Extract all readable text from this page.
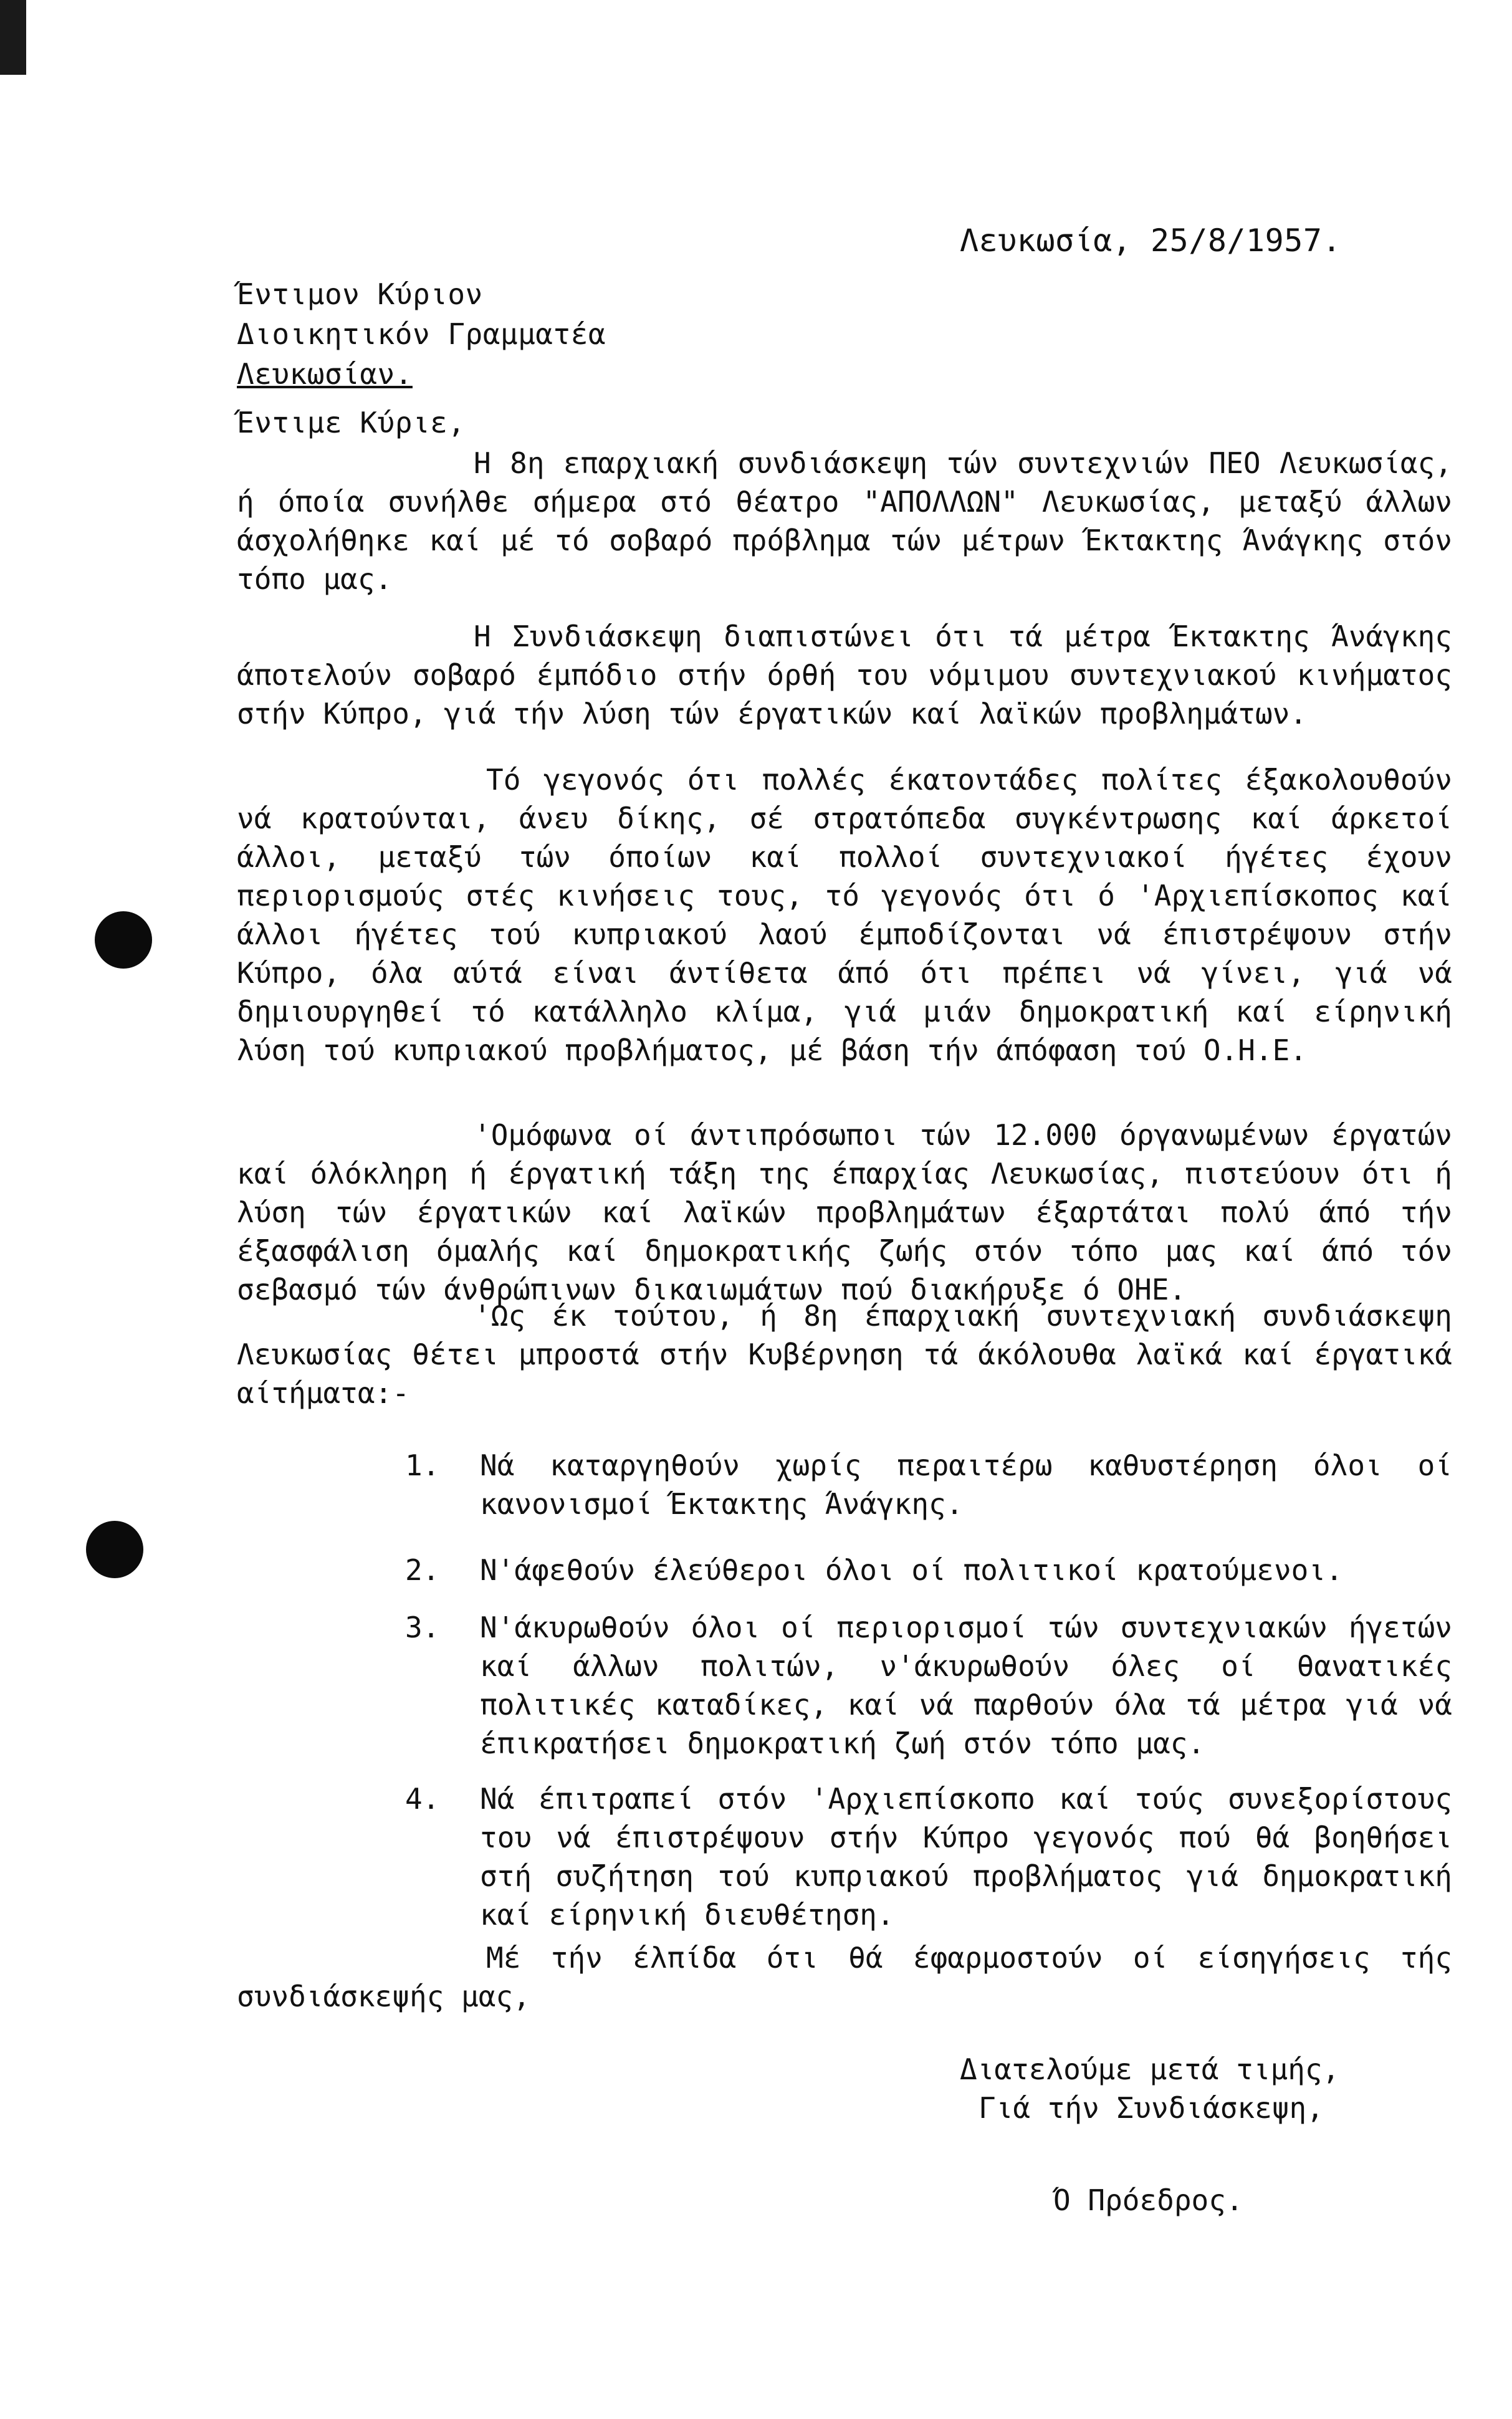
Λευκωσία, 25/8/1957.
Έντιμον Κύριον
Διοικητικόν Γραμματέα
Λευκωσίαν.
Έντιμε Κύριε,
Η 8η επαρχιακή συνδιάσκεψη τών συντεχνιών ΠΕΟ Λευκωσίας, ή όποία συνήλθε σήμερα στό θέατρο "ΑΠΟΛΛΩΝ" Λευκωσίας, μεταξύ άλλων άσχολήθηκε καί μέ τό σοβαρό πρόβλημα τών μέτρων Έκτακτης Άνάγκης στόν τόπο μας.
Η Συνδιάσκεψη διαπιστώνει ότι τά μέτρα Έκτακτης Άνάγκης άποτελούν σοβαρό έμπόδιο στήν όρθή του νόμιμου συντεχνιακού κινήματος στήν Κύπρο, γιά τήν λύση τών έργατικών καί λαϊκών προβλημάτων.
Τό γεγονός ότι πολλές έκατοντάδες πολίτες έξακολουθούν νά κρατούνται, άνευ δίκης, σέ στρατόπεδα συγκέντρωσης καί άρκετοί άλλοι, μεταξύ τών όποίων καί πολλοί συντεχνιακοί ήγέτες έχουν περιορισμούς στές κινήσεις τους, τό γεγονός ότι ό 'Αρχιεπίσκοπος καί άλλοι ήγέτες τού κυπριακού λαού έμποδίζονται νά έπιστρέψουν στήν Κύπρο, όλα αύτά είναι άντίθετα άπό ότι πρέπει νά γίνει, γιά νά δημιουργηθεί τό κατάλληλο κλίμα, γιά μιάν δημοκρατική καί είρηνική λύση τού κυπριακού προβλήματος, μέ βάση τήν άπόφαση τού Ο.Η.Ε.
'Ομόφωνα οί άντιπρόσωποι τών 12.000 όργανωμένων έργατών καί όλόκληρη ή έργατική τάξη της έπαρχίας Λευκωσίας, πιστεύουν ότι ή λύση τών έργατικών καί λαϊκών προβλημάτων έξαρτάται πολύ άπό τήν έξασφάλιση όμαλής καί δημοκρατικής ζωής στόν τόπο μας καί άπό τόν σεβασμό τών άνθρώπινων δικαιωμάτων πού διακήρυξε ό ΟΗΕ.
'Ως έκ τούτου, ή 8η έπαρχιακή συντεχνιακή συνδιάσκεψη Λευκωσίας θέτει μπροστά στήν Κυβέρνηση τά άκόλουθα λαϊκά καί έργατικά αίτήματα:-
1. Νά καταργηθούν χωρίς περαιτέρω καθυστέρηση όλοι οί κανονισμοί Έκτακτης Άνάγκης.
2. Ν'άφεθούν έλεύθεροι όλοι οί πολιτικοί κρατούμενοι.
3. Ν'άκυρωθούν όλοι οί περιορισμοί τών συντεχνιακών ήγετών καί άλλων πολιτών, ν'άκυρωθούν όλες οί θανατικές πολιτικές καταδίκες, καί νά παρθούν όλα τά μέτρα γιά νά έπικρατήσει δημοκρατική ζωή στόν τόπο μας.
4. Νά έπιτραπεί στόν 'Αρχιεπίσκοπο καί τούς συνεξορίστους του νά έπιστρέψουν στήν Κύπρο γεγονός πού θά βοηθήσει στή συζήτηση τού κυπριακού προβλήματος γιά δημοκρατική καί είρηνική διευθέτηση.
Μέ τήν έλπίδα ότι θά έφαρμοστούν οί είσηγήσεις τής συνδιάσκεψής μας,
Διατελούμε μετά τιμής,
Γιά τήν Συνδιάσκεψη,
Ό Πρόεδρος.
